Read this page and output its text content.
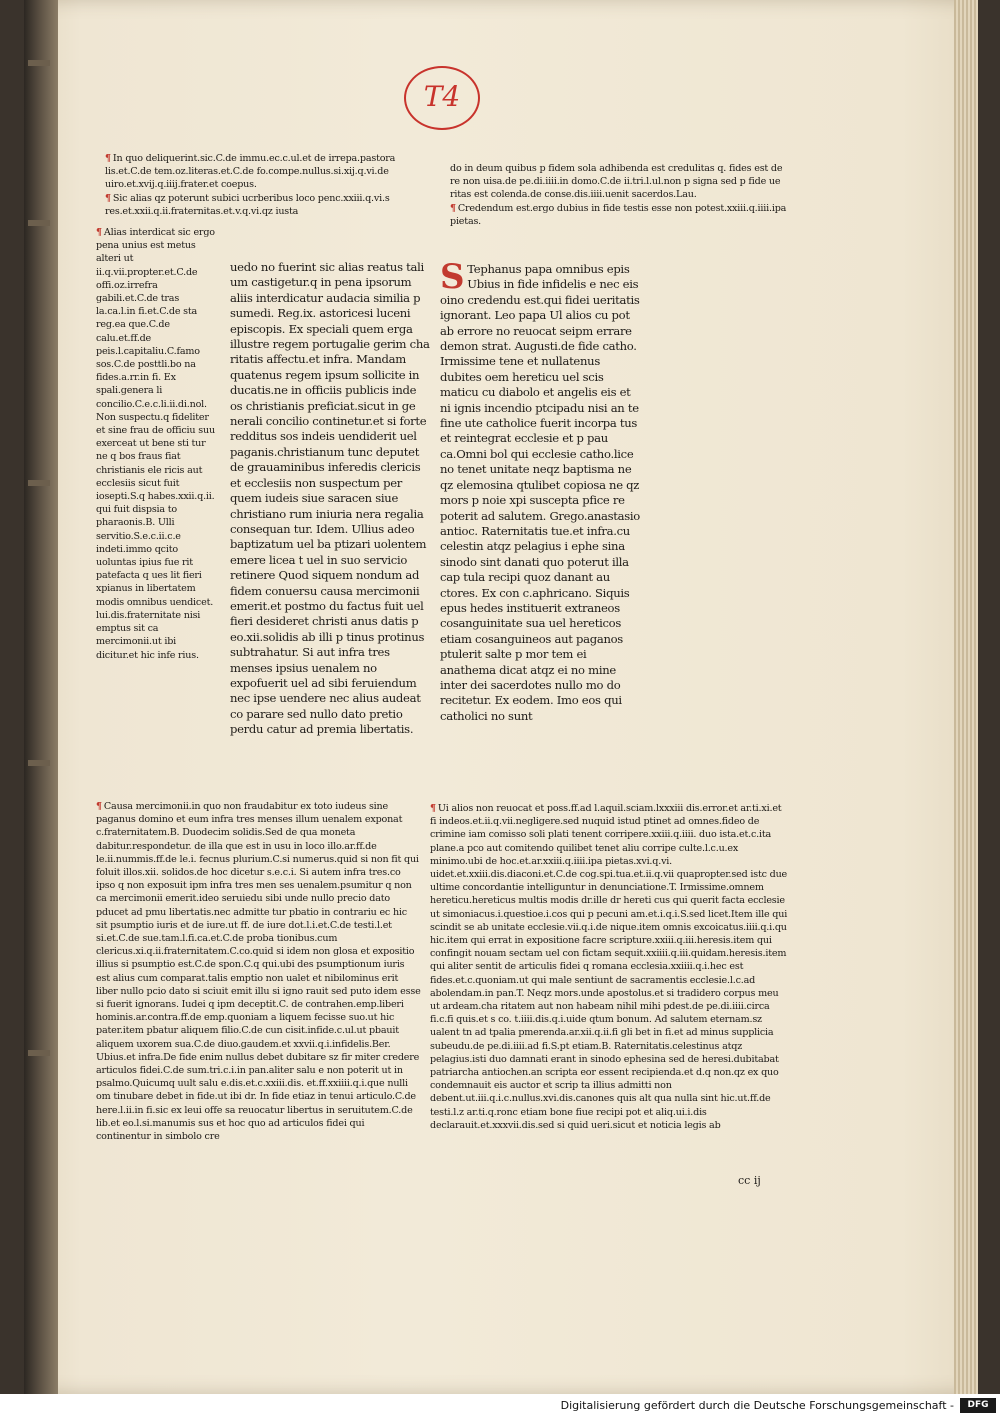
T4

¶ In quo deliquerint.sic.C.de immu.ec.c.ul.et de irrepa.pastora lis.et.C.de tem.oz.literas.et.C.de fo.compe.nullus.si.xij.q.vi.de uiro.et.xvij.q.iiij.frater.et coepus.

¶ Sic alias qz poterunt subici ucrberibus loco penc.xxiii.q.vi.s res.et.xxii.q.ii.fraternitas.et.v.q.vi.qz iusta

do in deum quibus p fidem sola adhibenda est credulitas q. fides est de re non uisa.de pe.di.iiii.in domo.C.de ii.tri.l.ul.non p signa sed p fide ue ritas est colenda.de conse.dis.iiii.uenit sacerdos.Lau.

¶ Credendum est.ergo dubius in fide testis esse non potest.xxiii.q.iiii.ipa pietas.

¶ Alias interdicat sic ergo pena unius est metus alteri ut ii.q.vii.propter.et.C.de offi.oz.irrefra gabili.et.C.de tras la.ca.l.in fi.et.C.de sta reg.ea que.C.de calu.et.ff.de peis.l.capitaliu.C.famo sos.C.de posttli.bo na fides.a.rr.in fi. Ex spali.genera li concilio.C.e.c.li.ii.di.nol. Non suspectu.q fideliter et sine frau de officiu suu exerceat ut bene sti tur ne q bos fraus fiat christianis ele ricis aut ecclesiis sicut fuit iosepti.S.q habes.xxii.q.ii. qui fuit dispsia to pharaonis.B. Ulli servitio.S.e.c.ii.c.e indeti.immo qcito uoluntas ipius fue rit patefacta q ues lit fieri xpianus in libertatem modis omnibus uendicet. lui.dis.fraternitate nisi emptus sit ca mercimonii.ut ibi dicitur.et hic infe rius.

uedo no fuerint sic alias reatus tali um castigetur.q in pena ipsorum aliis interdicatur audacia similia p sumedi. Reg.ix. astoricesi luceni episcopis. Ex speciali quem erga illustre regem portugalie gerim cha ritatis affectu.et infra. Mandam quatenus regem ipsum sollicite in ducatis.ne in officiis publicis inde os christianis preficiat.sicut in ge nerali concilio continetur.et si forte redditus sos indeis uendiderit uel paganis.christianum tunc deputet de grauaminibus inferedis clericis et ecclesiis non suspectum per quem iudeis siue saracen siue christiano rum iniuria nera regalia consequan tur. Idem. Ullius adeo baptizatum uel ba ptizari uolentem emere licea t uel in suo servicio retinere Quod siquem nondum ad fidem conuersu causa mercimonii emerit.et postmo du factus fuit uel fieri desideret christi anus datis p eo.xii.solidis ab illi p tinus protinus subtrahatur. Si aut infra tres menses ipsius uenalem no expofuerit uel ad sibi feruiendum nec ipse uendere nec alius audeat co parare sed nullo dato pretio perdu catur ad premia libertatis.

S Tephanus papa omnibus epis Ubius in fide infidelis e nec eis oino credendu est.qui fidei ueritatis ignorant. Leo papa Ul alios cu pot ab errore no reuocat seipm errare demon strat. Augusti.de fide catho. Irmissime tene et nullatenus dubites oem hereticu uel scis maticu cu diabolo et angelis eis et ni ignis incendio ptcipadu nisi an te fine ute catholice fuerit incorpa tus et reintegrat ecclesie et p pau ca.Omni bol qui ecclesie catho.lice no tenet unitate neqz baptisma ne qz elemosina qtulibet copiosa ne qz mors p noie xpi suscepta pfice re poterit ad salutem. Grego.anastasio antioc. Raternitatis tue.et infra.cu celestin atqz pelagius i ephe sina sinodo sint danati quo poterut illa cap tula recipi quoz danant au ctores. Ex con c.aphricano. Siquis epus hedes instituerit extraneos cosanguinitate sua uel hereticos etiam cosanguineos aut paganos ptulerit salte p mor tem ei anathema dicat atqz ei no mine inter dei sacerdotes nullo mo do recitetur. Ex eodem. Imo eos qui catholici no sunt

¶ Causa mercimonii.in quo non fraudabitur ex toto iudeus sine paganus domino et eum infra tres menses illum uenalem exponat c.fraternitatem.B. Duodecim solidis.Sed de qua moneta dabitur.respondetur. de illa que est in usu in loco illo.ar.ff.de le.ii.nummis.ff.de le.i. fecnus plurium.C.si numerus.quid si non fit qui foluit illos.xii. solidos.de hoc dicetur s.e.c.i. Si autem infra tres.co ipso q non exposuit ipm infra tres men ses uenalem.psumitur q non ca mercimonii emerit.ideo seruiedu sibi unde nullo precio dato pducet ad pmu libertatis.nec admitte tur pbatio in contrariu ec hic sit psumptio iuris et de iure.ut ff. de iure dot.l.i.et.C.de testi.l.et si.et.C.de sue.tam.l.fi.ca.et.C.de proba tionibus.cum clericus.xi.q.ii.fraternitatem.C.co.quid si idem non glosa et expositio illius si psumptio est.C.de spon.C.q qui.ubi des psumptionum iuris est alius cum comparat.talis emptio non ualet et nibilominus erit liber nullo pcio dato si sciuit emit illu si igno rauit sed puto idem esse si fuerit ignorans. Iudei q ipm deceptit.C. de contrahen.emp.liberi hominis.ar.contra.ff.de emp.quoniam a liquem fecisse suo.ut hic pater.item pbatur aliquem filio.C.de cun cisit.infide.c.ul.ut pbauit aliquem uxorem sua.C.de diuo.gaudem.et xxvii.q.i.infidelis.Ber. Ubius.et infra.De fide enim nullus debet dubitare sz fir miter credere articulos fidei.C.de sum.tri.c.i.in pan.aliter salu e non poterit ut in psalmo.Quicumq uult salu e.dis.et.c.xxiii.dis. et.ff.xxiiii.q.i.que nulli om tinubare debet in fide.ut ibi dr. In fide etiaz in tenui articulo.C.de here.l.ii.in fi.sic ex leui offe sa reuocatur libertus in seruitutem.C.de lib.et eo.l.si.manumis sus et hoc quo ad articulos fidei qui continentur in simbolo cre

¶ Ui alios non reuocat et poss.ff.ad l.aquil.sciam.lxxxiii dis.error.et ar.ti.xi.et fi indeos.et.ii.q.vii.negligere.sed nuquid istud ptinet ad omnes.fideo de crimine iam comisso soli plati tenent corripere.xxiii.q.iiii. duo ista.et.c.ita plane.a pco aut comitendo quilibet tenet aliu corripe culte.l.c.u.ex minimo.ubi de hoc.et.ar.xxiii.q.iiii.ipa pietas.xvi.q.vi. uidet.et.xxiii.dis.diaconi.et.C.de cog.spi.tua.et.ii.q.vii quapropter.sed istc due ultime concordantie intelliguntur in denunciatione.T. Irmissime.omnem hereticu.hereticus multis modis dr.ille dr hereti cus qui querit facta ecclesie ut simoniacus.i.questioe.i.cos qui p pecuni am.et.i.q.i.S.sed licet.Item ille qui scindit se ab unitate ecclesie.vii.q.i.de nique.item omnis excoicatus.iiii.q.i.qu hic.item qui errat in expositione facre scripture.xxiii.q.iii.heresis.item qui confingit nouam sectam uel con fictam sequit.xxiiii.q.iii.quidam.heresis.item qui aliter sentit de articulis fidei q romana ecclesia.xxiiii.q.i.hec est fides.et.c.quoniam.ut qui male sentiunt de sacramentis ecclesie.l.c.ad abolendam.in pan.T. Neqz mors.unde apostolus.et si tradidero corpus meu ut ardeam.cha ritatem aut non habeam nihil mihi pdest.de pe.di.iiii.circa fi.c.fi quis.et s co. t.iiii.dis.q.i.uide qtum bonum. Ad salutem eternam.sz ualent tn ad tpalia pmerenda.ar.xii.q.ii.fi gli bet in fi.et ad minus supplicia subeudu.de pe.di.iiii.ad fi.S.pt etiam.B. Raternitatis.celestinus atqz pelagius.isti duo damnati erant in sinodo ephesina sed de heresi.dubitabat patriarcha antiochen.an scripta eor essent recipienda.et d.q non.qz ex quo condemnauit eis auctor et scrip ta illius admitti non debent.ut.iii.q.i.c.nullus.xvi.dis.canones quis alt qua nulla sint hic.ut.ff.de testi.l.z ar.ti.q.ronc etiam bone fiue recipi pot et aliq.ui.i.dis declarauit.et.xxxvii.dis.sed si quid ueri.sicut et noticia legis ab

cc ij
Digitalisierung gefördert durch die Deutsche Forschungsgemeinschaft -	DFG
